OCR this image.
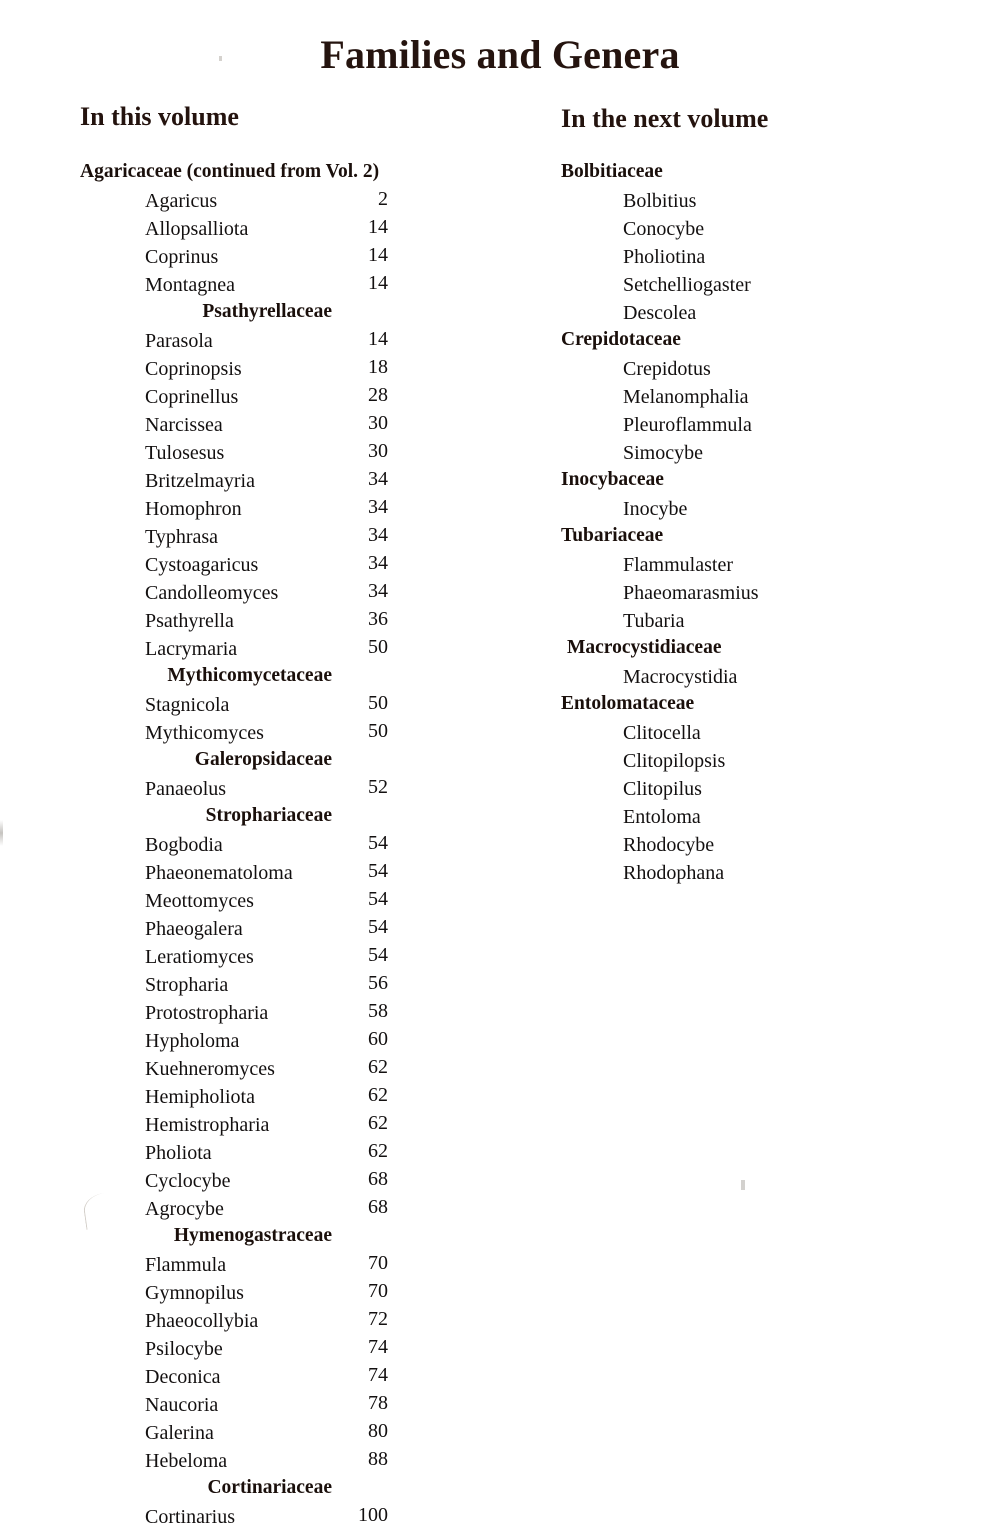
Families and Genera
In this volume	In the next volume
Agaricaceae (continued from Vol. 2)
Agaricus	2
Allopsalliota	14
Coprinus	14
Montagnea	14
Psathyrellaceae
Parasola	14
Coprinopsis	18
Coprinellus	28
Narcissea	30
Tulosesus	30
Britzelmayria	34
Homophron	34
Typhrasa	34
Cystoagaricus	34
Candolleomyces	34
Psathyrella	36
Lacrymaria	50
Mythicomycetaceae
Stagnicola	50
Mythicomyces	50
Galeropsidaceae
Panaeolus	52
Strophariaceae
Bogbodia	54
Phaeonematoloma	54
Meottomyces	54
Phaeogalera	54
Leratiomyces	54
Stropharia	56
Protostropharia	58
Hypholoma	60
Kuehneromyces	62
Hemipholiota	62
Hemistropharia	62
Pholiota	62
Cyclocybe	68
Agrocybe	68
Hymenogastraceae
Flammula	70
Gymnopilus	70
Phaeocollybia	72
Psilocybe	74
Deconica	74
Naucoria	78
Galerina	80
Hebeloma	88
Cortinariaceae
Cortinarius	100
Bolbitiaceae
Bolbitius
Conocybe
Pholiotina
Setchelliogaster
Descolea
Crepidotaceae
Crepidotus
Melanomphalia
Pleuroflammula
Simocybe
Inocybaceae
Inocybe
Tubariaceae
Flammulaster
Phaeomarasmius
Tubaria
Macrocystidiaceae
Macrocystidia
Entolomataceae
Clitocella
Clitopilopsis
Clitopilus
Entoloma
Rhodocybe
Rhodophana
